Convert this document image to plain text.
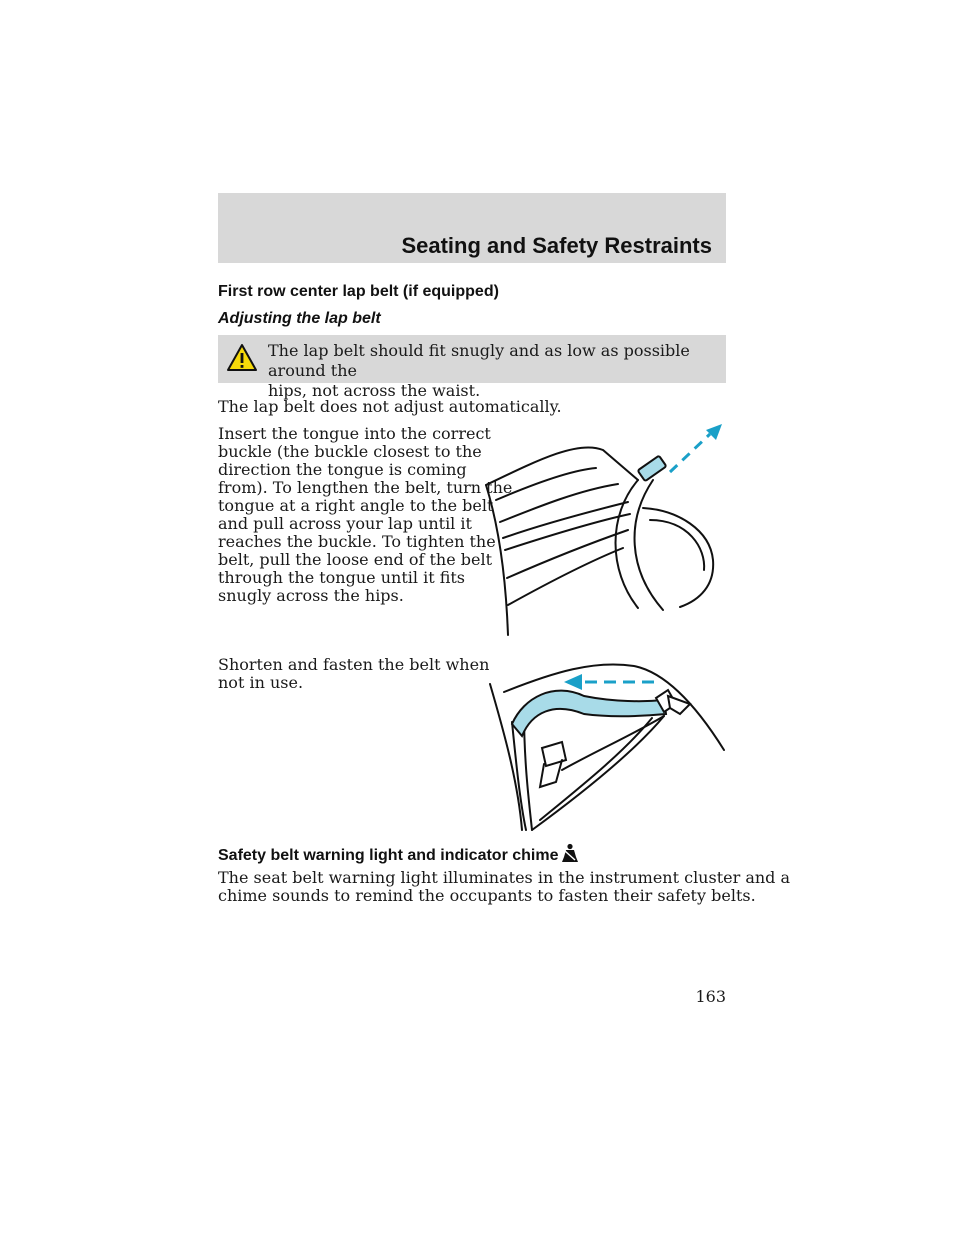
Seating and Safety Restraints
First row center lap belt (if equipped)
Adjusting the lap belt
The lap belt should fit snugly and as low as possible around the
hips, not across the waist.
The lap belt does not adjust automatically.
Insert the tongue into the correct
buckle (the buckle closest to the
direction the tongue is coming
from). To lengthen the belt, turn the
tongue at a right angle to the belt
and pull across your lap until it
reaches the buckle. To tighten the
belt, pull the loose end of the belt
through the tongue until it fits
snugly across the hips.
Shorten and fasten the belt when
not in use.
Safety belt warning light and indicator chime
The seat belt warning light illuminates in the instrument cluster and a
chime sounds to remind the occupants to fasten their safety belts.
163
